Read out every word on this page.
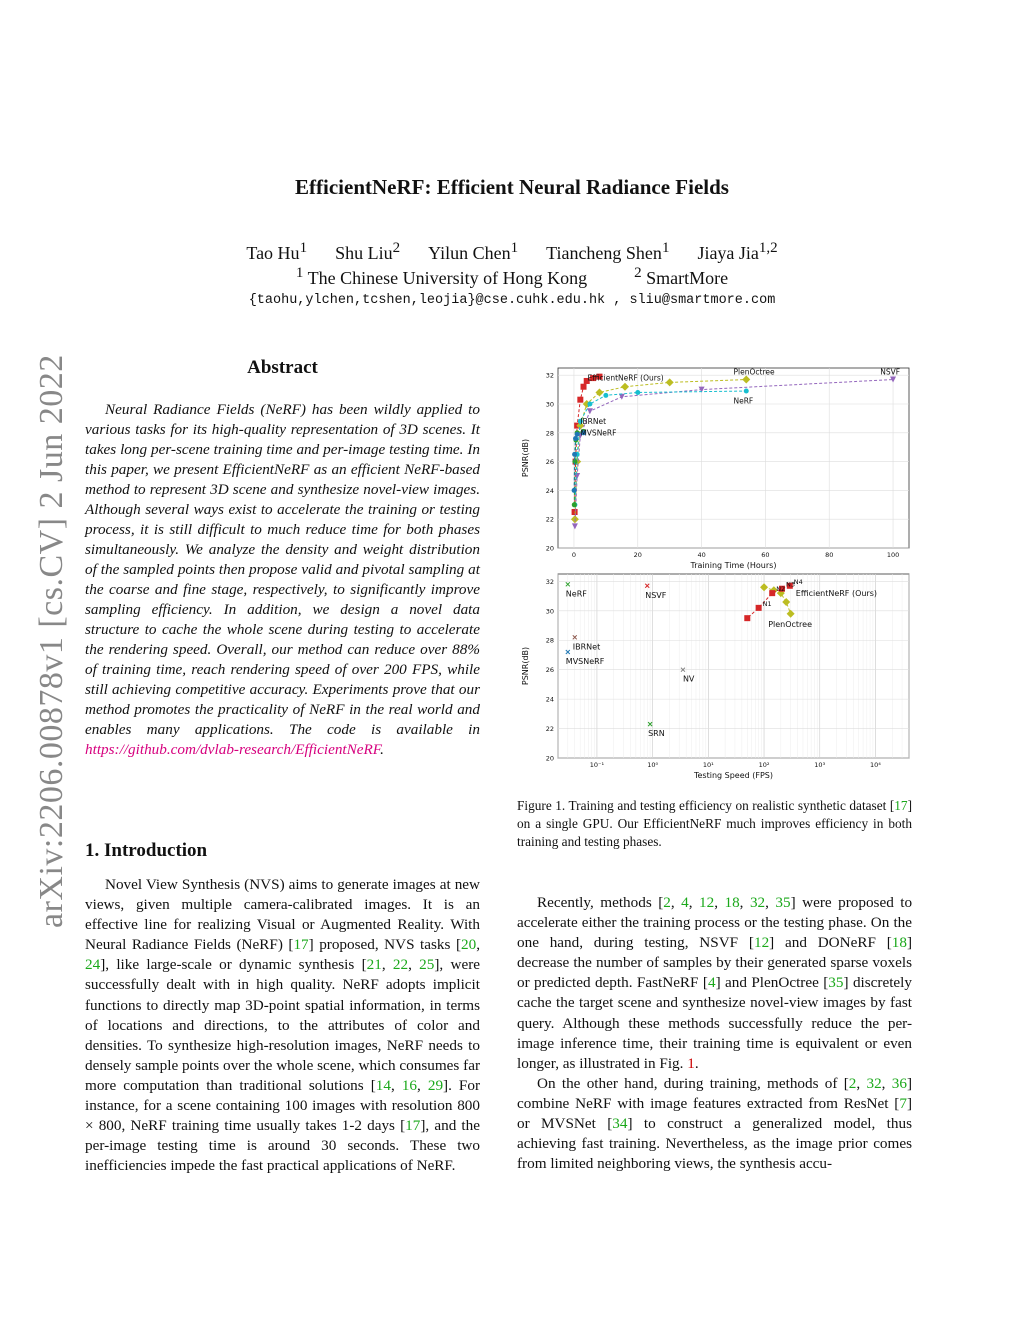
arXiv:2206.00878v1 [cs.CV] 2 Jun 2022
EfficientNeRF: Efficient Neural Radiance Fields
Tao Hu$^1$ Shu Liu$^2$ Yilun Chen$^1$ Tiancheng Shen$^1$ Jiaya Jia$^{1,2}$
$^1$ The Chinese University of Hong Kong	$^2$ SmartMore
{taohu,ylchen,tcshen,leojia}@cse.cuhk.edu.hk , sliu@smartmore.com
Abstract
Neural Radiance Fields (NeRF) has been wildly applied to various tasks for its high-quality representation of 3D scenes. It takes long per-scene training time and per-image testing time. In this paper, we present EfficientNeRF as an efficient NeRF-based method to represent 3D scene and synthesize novel-view images. Although several ways exist to accelerate the training or testing process, it is still difficult to much reduce time for both phases simultaneously. We analyze the density and weight distribution of the sampled points then propose valid and pivotal sampling at the coarse and fine stage, respectively, to significantly improve sampling efficiency. In addition, we design a novel data structure to cache the whole scene during testing to accelerate the rendering speed. Overall, our method can reduce over 88% of training time, reach rendering speed of over 200 FPS, while still achieving competitive accuracy. Experiments prove that our method promotes the practicality of NeRF in the real world and enables many applications. The code is available in https://github.com/dvlab-research/EfficientNeRF.
1. Introduction
Novel View Synthesis (NVS) aims to generate images at new views, given multiple camera-calibrated images. It is an effective line for realizing Visual or Augmented Reality. With Neural Radiance Fields (NeRF) [17] proposed, NVS tasks [20, 24], like large-scale or dynamic synthesis [21, 22, 25], were successfully dealt with in high quality. NeRF adopts implicit functions to directly map 3D-point spatial information, in terms of locations and directions, to the attributes of color and densities. To synthesize high-resolution images, NeRF needs to densely sample points over the whole scene, which consumes far more computation than traditional solutions [14, 16, 29]. For instance, for a scene containing 100 images with resolution 800 × 800, NeRF training time usually takes 1-2 days [17], and the per-image testing time is around 30 seconds. These two inefficiencies impede the fast practical applications of NeRF.
0	20	40	60	80	100
20
22
24
26
28
30
32
Training Time (Hours)
PSNR(dB)
EfficientNeRF (Ours)
PlenOctree	NSVF
NeRF
IBRNet
MVSNeRF
10⁻¹	10⁰	10¹	10²	10³	10⁴
20
22
24
26
28
30
32
NeRF	NSVF
IBRNet
MVSNeRF
NV
SRN
N4
N3
N2
N1
EfficientNeRF (Ours)
PlenOctree
Testing Speed (FPS)
PSNR(dB)
Figure 1. Training and testing efficiency on realistic synthetic dataset [17] on a single GPU. Our EfficientNeRF much improves efficiency in both training and testing phases.

Recently, methods [2, 4, 12, 18, 32, 35] were proposed to accelerate either the training process or the testing phase. On the one hand, during testing, NSVF [12] and DONeRF [18] decrease the number of samples by their generated sparse voxels or predicted depth. FastNeRF [4] and PlenOctree [35] discretely cache the target scene and synthesize novel-view images by fast query. Although these methods successfully reduce the per-image inference time, their training time is equivalent or even longer, as illustrated in Fig. 1.

On the other hand, during training, methods of [2, 32, 36] combine NeRF with image features extracted from ResNet [7] or MVSNet [34] to construct a generalized model, thus achieving fast training. Nevertheless, as the image prior comes from limited neighboring views, the synthesis accu-
